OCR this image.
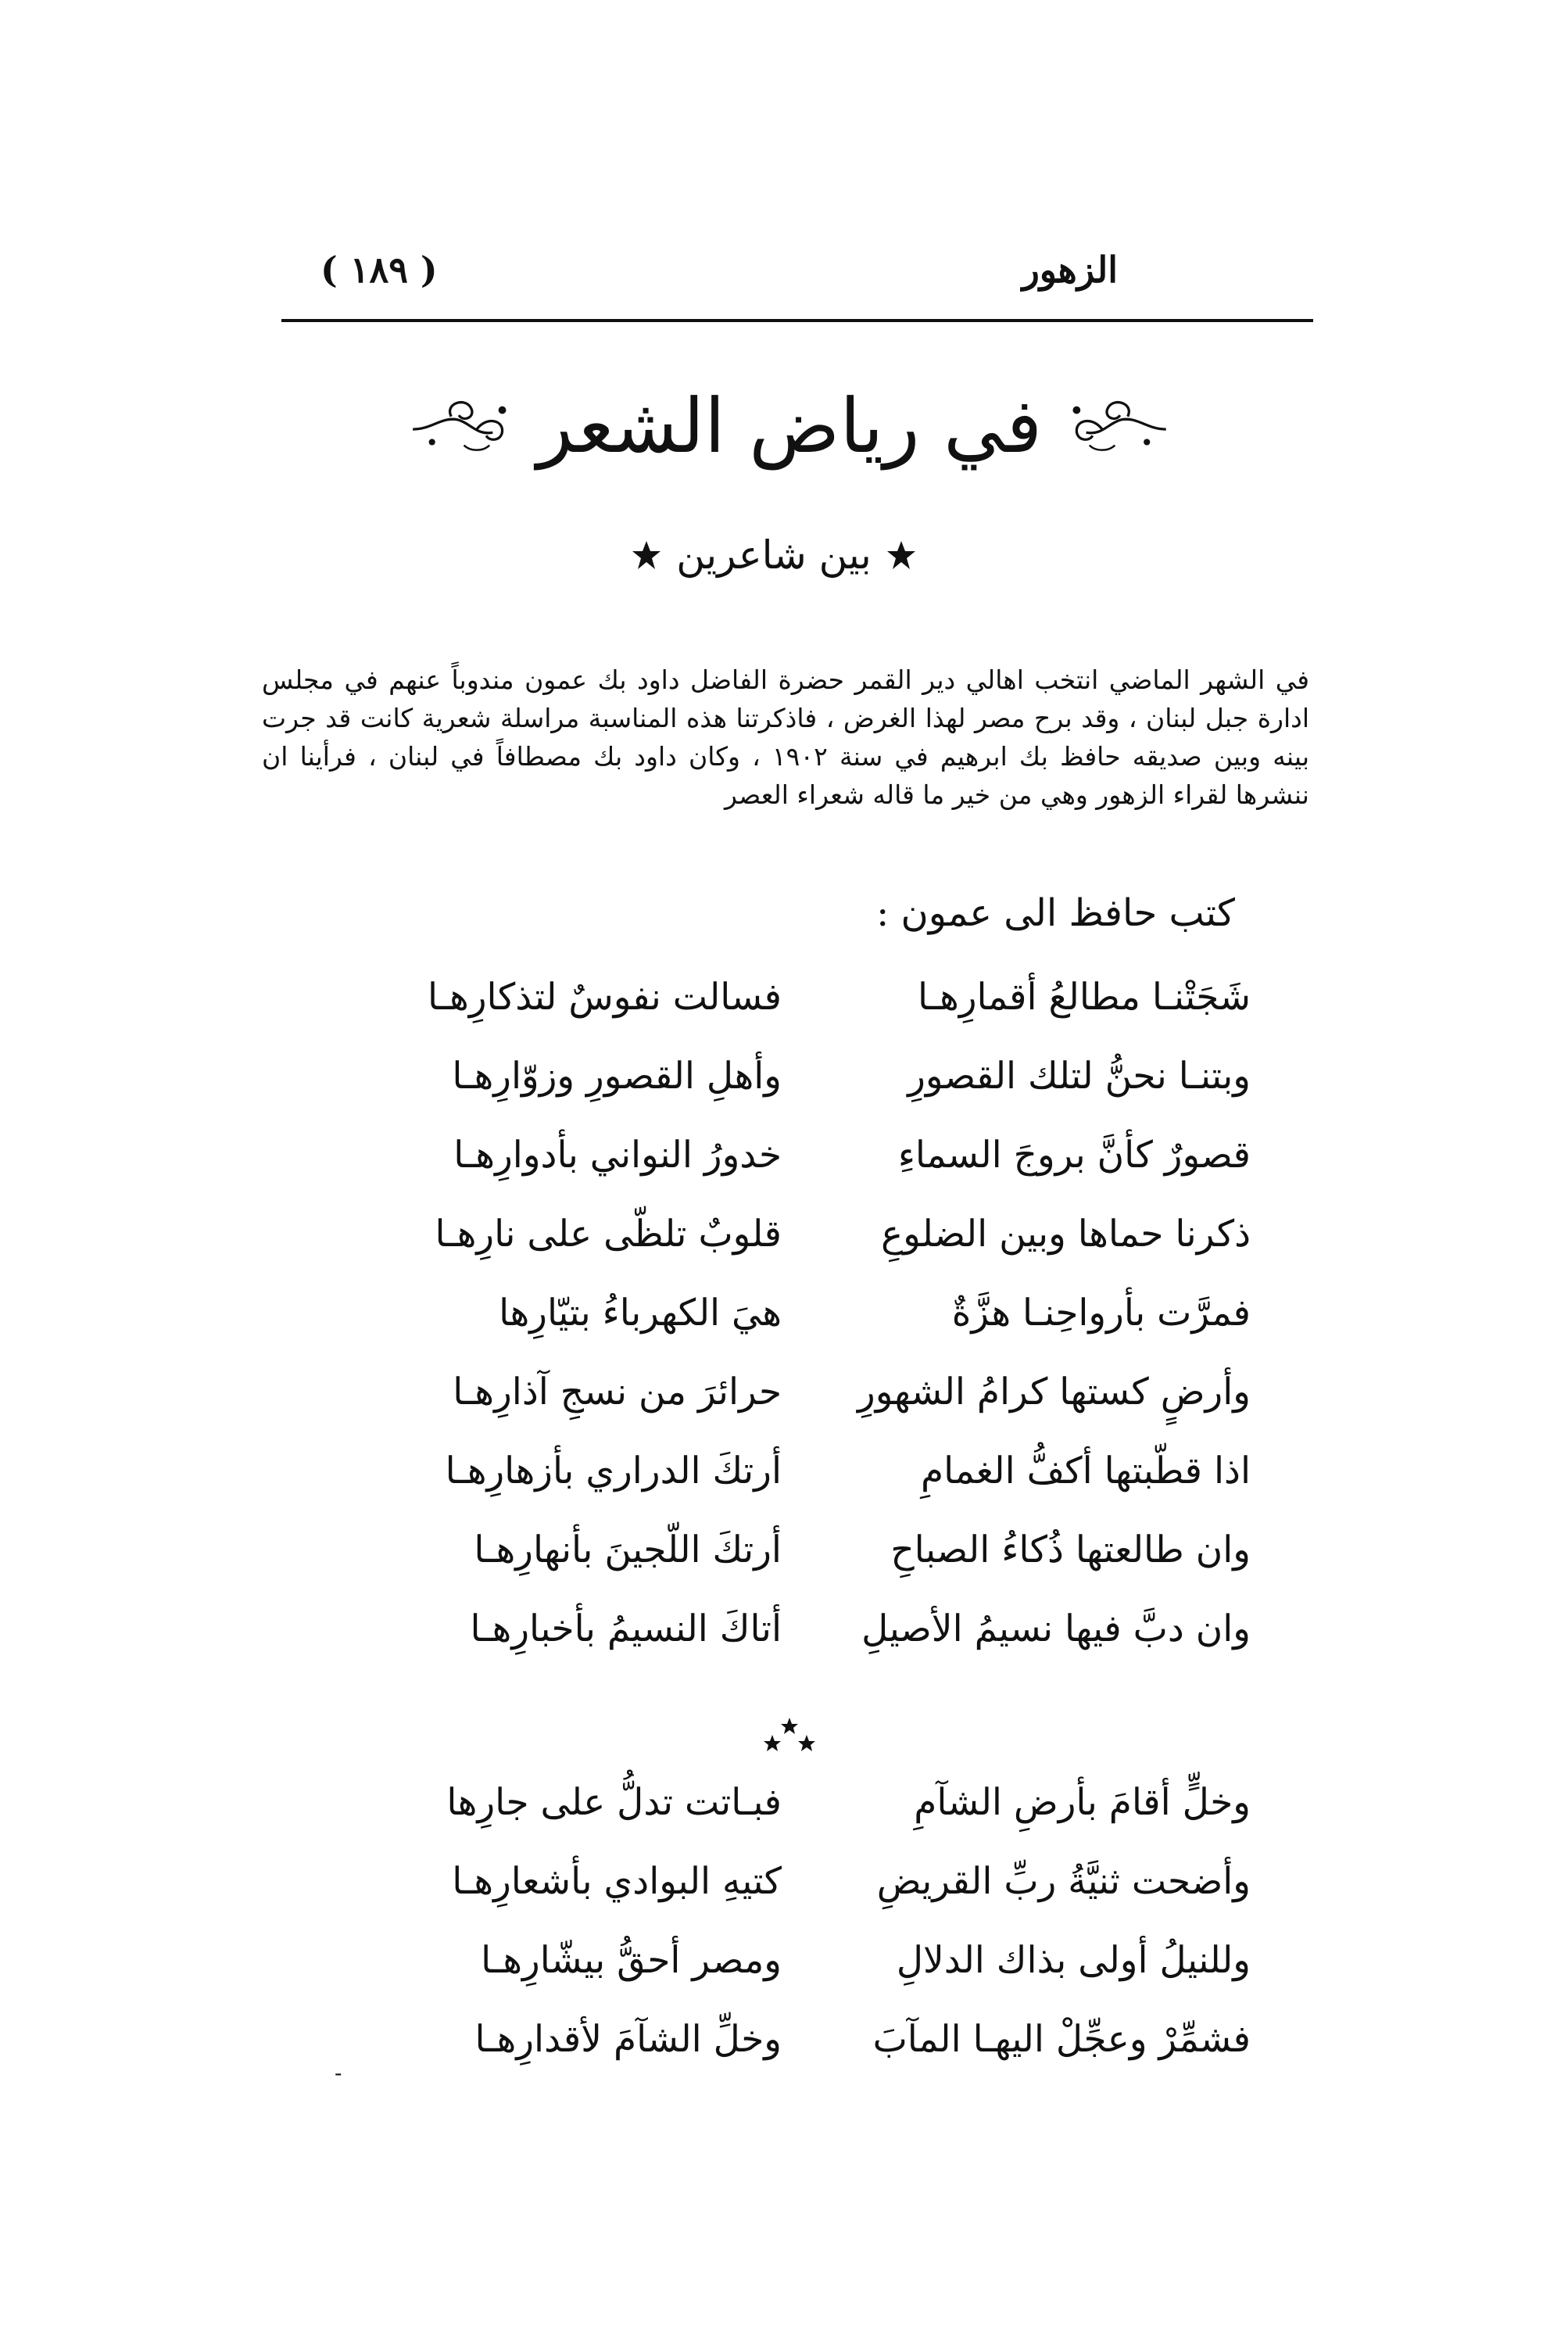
الزهور
( ١٨٩ )
في رياض الشعر
بين شاعرين

في الشهر الماضي انتخب اهالي دير القمر حضرة الفاضل داود بك عمون مندوباً عنهم في مجلس ادارة جبل لبنان ، وقد برح مصر لهذا الغرض ، فاذكرتنا هذه المناسبة مراسلة شعرية كانت قد جرت بينه وبين صديقه حافظ بك ابرهيم في سنة ١٩٠٢ ، وكان داود بك مصطافاً في لبنان ، فرأينا ان ننشرها لقراء الزهور وهي من خير ما قاله شعراء العصر

كتب حافظ الى عمون :
شَجَتْنـا مطالعُ أقمارِهـا
فسالت نفوسٌ لتذكارِهـا
وبتنـا نحنُّ لتلك القصورِ
وأهلِ القصورِ وزوّارِهـا
قصورٌ كأنَّ بروجَ السماءِ
خدورُ النواني بأدوارِهـا
ذكرنا حماها وبين الضلوعِ
قلوبٌ تلظّى على نارِهـا
فمرَّت بأرواحِنـا هزَّةٌ
هيَ الكهرباءُ بتيّارِها
وأرضٍ كستها كرامُ الشهورِ
حرائرَ من نسجِ آذارِهـا
اذا قطّبتها أكفُّ الغمامِ
أرتكَ الدراري بأزهارِهـا
وان طالعتها ذُكاءُ الصباحِ
أرتكَ اللّجينَ بأنهارِهـا
وان دبَّ فيها نسيمُ الأصيلِ
أتاكَ النسيمُ بأخبارِهـا
وخلٍّ أقامَ بأرضِ الشآمِ
فبـاتت تدلُّ على جارِها
وأضحت ثنيَّةُ ربِّ القريضِ
كتيهِ البوادي بأشعارِهـا
وللنيلُ أولى بذاك الدلالِ
ومصر أحقُّ بيشّارِهـا
فشمِّرْ وعجِّلْ اليهـا المآبَ
وخلِّ الشآمَ لأقدارِهـا
-
